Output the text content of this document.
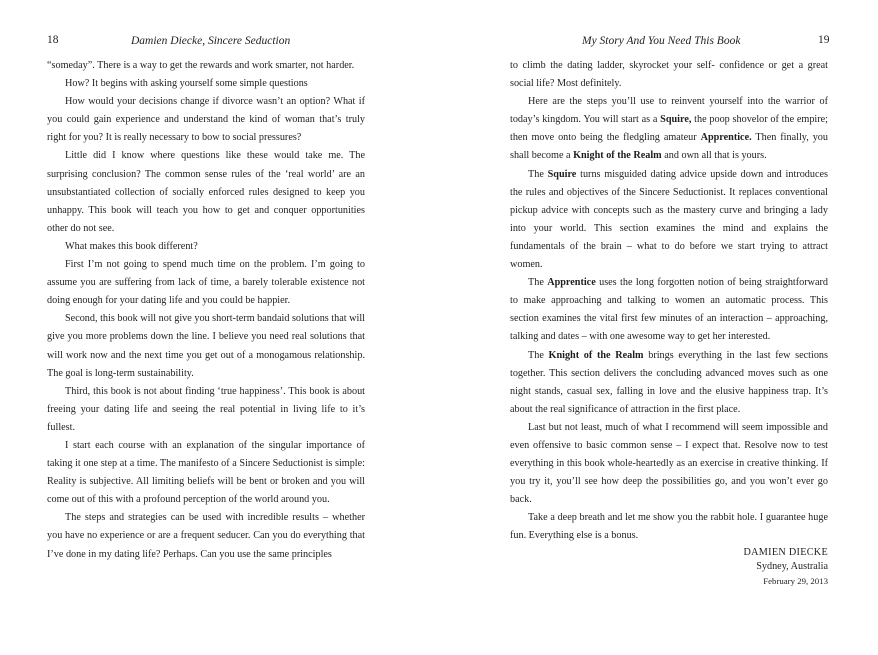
18	Damien Diecke, Sincere Seduction

“someday”. There is a way to get the rewards and work smarter, not harder.

How? It begins with asking yourself some simple questions

How would your decisions change if divorce wasn’t an option? What if you could gain experience and understand the kind of woman that’s truly right for you? It is really necessary to bow to social pressures?

Little did I know where questions like these would take me. The surprising conclusion? The common sense rules of the ‘real world’ are an unsubstantiated collection of socially enforced rules designed to keep you unhappy. This book will teach you how to get and conquer opportunities other do not see.

What makes this book different?

First I’m not going to spend much time on the problem. I’m going to assume you are suffering from lack of time, a barely tolerable existence not doing enough for your dating life and you could be happier.

Second, this book will not give you short-term bandaid solutions that will give you more problems down the line. I believe you need real solutions that will work now and the next time you get out of a monogamous relationship. The goal is long-term sustainability.

Third, this book is not about finding ‘true happiness’. This book is about freeing your dating life and seeing the real potential in living life to it’s fullest.

I start each course with an explanation of the singular importance of taking it one step at a time. The manifesto of a Sincere Seductionist is simple: Reality is subjective. All limiting beliefs will be bent or broken and you will come out of this with a profound perception of the world around you.

The steps and strategies can be used with incredible results – whether you have no experience or are a frequent seducer. Can you do everything that I’ve done in my dating life? Perhaps. Can you use the same principles

My Story And You Need This Book	19

to climb the dating ladder, skyrocket your self- confidence or get a great social life? Most definitely.

Here are the steps you’ll use to reinvent yourself into the warrior of today’s kingdom. You will start as a Squire, the poop shovelor of the empire; then move onto being the fledgling amateur Apprentice. Then finally, you shall become a Knight of the Realm and own all that is yours.

The Squire turns misguided dating advice upside down and introduces the rules and objectives of the Sincere Seductionist. It replaces conventional pickup advice with concepts such as the mastery curve and bringing a lady into your world. This section examines the mind and explains the fundamentals of the brain – what to do before we start trying to attract women.

The Apprentice uses the long forgotten notion of being straightforward to make approaching and talking to women an automatic process. This section examines the vital first few minutes of an interaction – approaching, talking and dates – with one awesome way to get her interested.

The Knight of the Realm brings everything in the last few sections together. This section delivers the concluding advanced moves such as one night stands, casual sex, falling in love and the elusive happiness trap. It’s about the real significance of attraction in the first place.

Last but not least, much of what I recommend will seem impossible and even offensive to basic common sense – I expect that. Resolve now to test everything in this book whole-heartedly as an exercise in creative thinking. If you try it, you’ll see how deep the possibilities go, and you won’t ever go back.

Take a deep breath and let me show you the rabbit hole. I guarantee huge fun. Everything else is a bonus.

DAMIEN DIECKE
Sydney, Australia
February 29, 2013
